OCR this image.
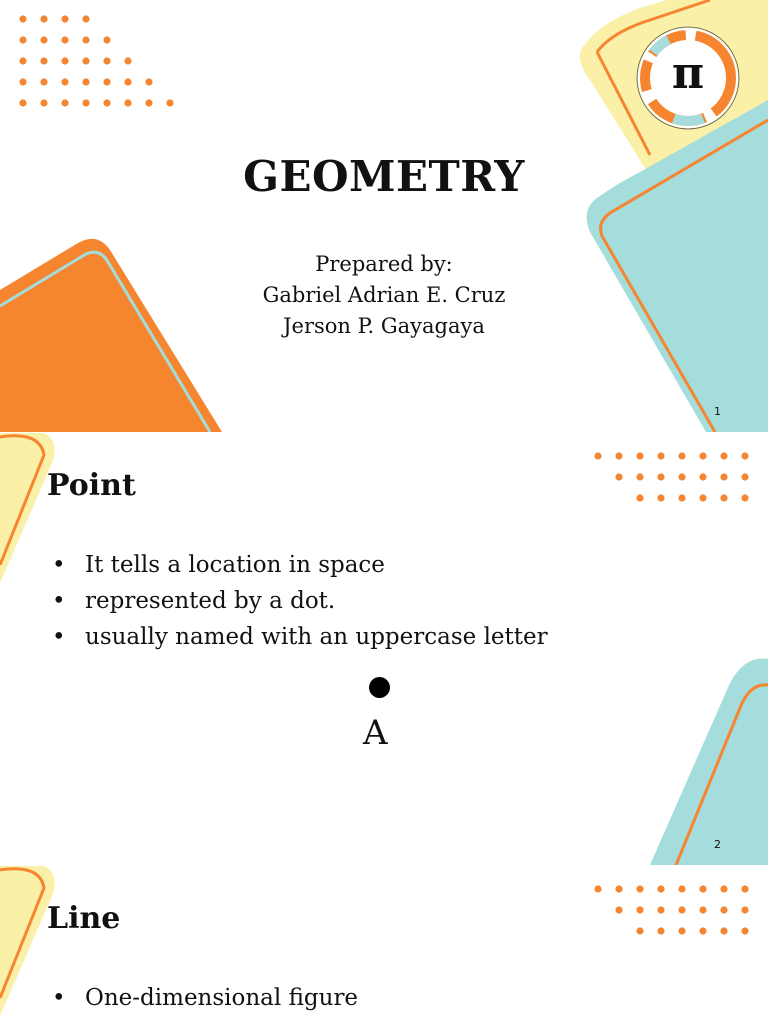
π
GEOMETRY
Prepared by:
Gabriel Adrian E. Cruz
Jerson P. Gayagaya
1
Point
• It tells a location in space
• represented by a dot.
• usually named with an uppercase letter
A
2
Line
• One-dimensional figure
